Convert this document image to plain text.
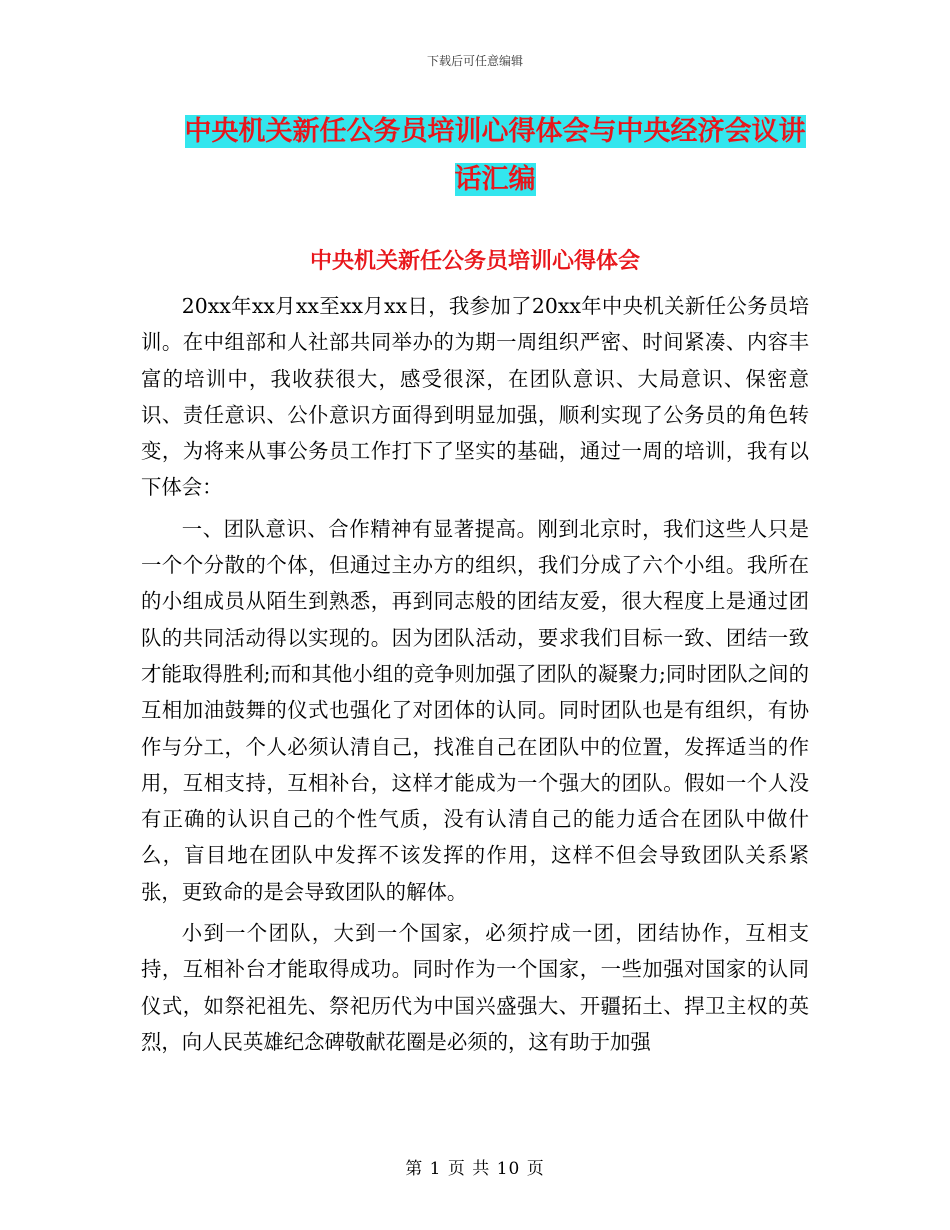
下载后可任意编辑
中央机关新任公务员培训心得体会与中央经济会议讲
话汇编
中央机关新任公务员培训心得体会

20xx年xx月xx至xx月xx日，我参加了20xx年中央机关新任公务员培训。在中组部和人社部共同举办的为期一周组织严密、时间紧凑、内容丰富的培训中，我收获很大，感受很深，在团队意识、大局意识、保密意识、责任意识、公仆意识方面得到明显加强，顺利实现了公务员的角色转变，为将来从事公务员工作打下了坚实的基础，通过一周的培训，我有以下体会：

一、团队意识、合作精神有显著提高。刚到北京时，我们这些人只是一个个分散的个体，但通过主办方的组织，我们分成了六个小组。我所在的小组成员从陌生到熟悉，再到同志般的团结友爱，很大程度上是通过团队的共同活动得以实现的。因为团队活动，要求我们目标一致、团结一致才能取得胜利;而和其他小组的竞争则加强了团队的凝聚力;同时团队之间的互相加油鼓舞的仪式也强化了对团体的认同。同时团队也是有组织，有协作与分工，个人必须认清自己，找准自己在团队中的位置，发挥适当的作用，互相支持，互相补台，这样才能成为一个强大的团队。假如一个人没有正确的认识自己的个性气质，没有认清自己的能力适合在团队中做什么，盲目地在团队中发挥不该发挥的作用，这样不但会导致团队关系紧张，更致命的是会导致团队的解体。

小到一个团队，大到一个国家，必须拧成一团，团结协作，互相支持，互相补台才能取得成功。同时作为一个国家，一些加强对国家的认同仪式，如祭祀祖先、祭祀历代为中国兴盛强大、开疆拓土、捍卫主权的英烈，向人民英雄纪念碑敬献花圈是必须的，这有助于加强

第 1 页 共 10 页
